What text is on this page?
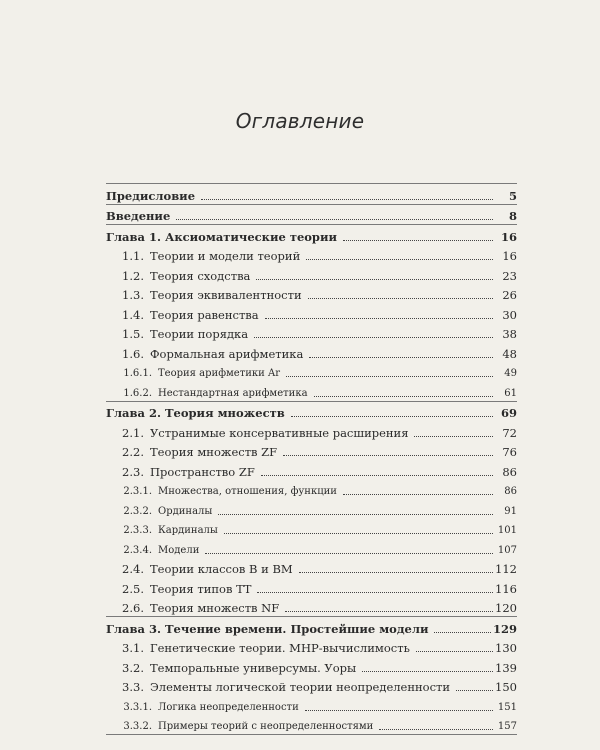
Оглавление
Предисловие	5
Введение	8
Глава 1. Аксиоматические теории	16
1.1. Теории и модели теорий	16
1.2. Теория сходства	23
1.3. Теория эквивалентности	26
1.4. Теория равенства	30
1.5. Теории порядка	38
1.6. Формальная арифметика	48
1.6.1. Теория арифметики Ar	49
1.6.2. Нестандартная арифметика	61
Глава 2. Теория множеств	69
2.1. Устранимые консервативные расширения	72
2.2. Теория множеств ZF	76
2.3. Пространство ZF	86
2.3.1. Множества, отношения, функции	86
2.3.2. Ординалы	91
2.3.3. Кардиналы	101
2.3.4. Модели	107
2.4. Теории классов В и ВМ	112
2.5. Теория типов ТТ	116
2.6. Теория множеств NF	120
Глава 3. Течение времени. Простейшие модели	129
3.1. Генетические теории. МНР-вычислимость	130
3.2. Темпоральные универсумы. Уоры	139
3.3. Элементы логической теории неопределенности	150
3.3.1. Логика неопределенности	151
3.3.2. Примеры теорий с неопределенностями	157
